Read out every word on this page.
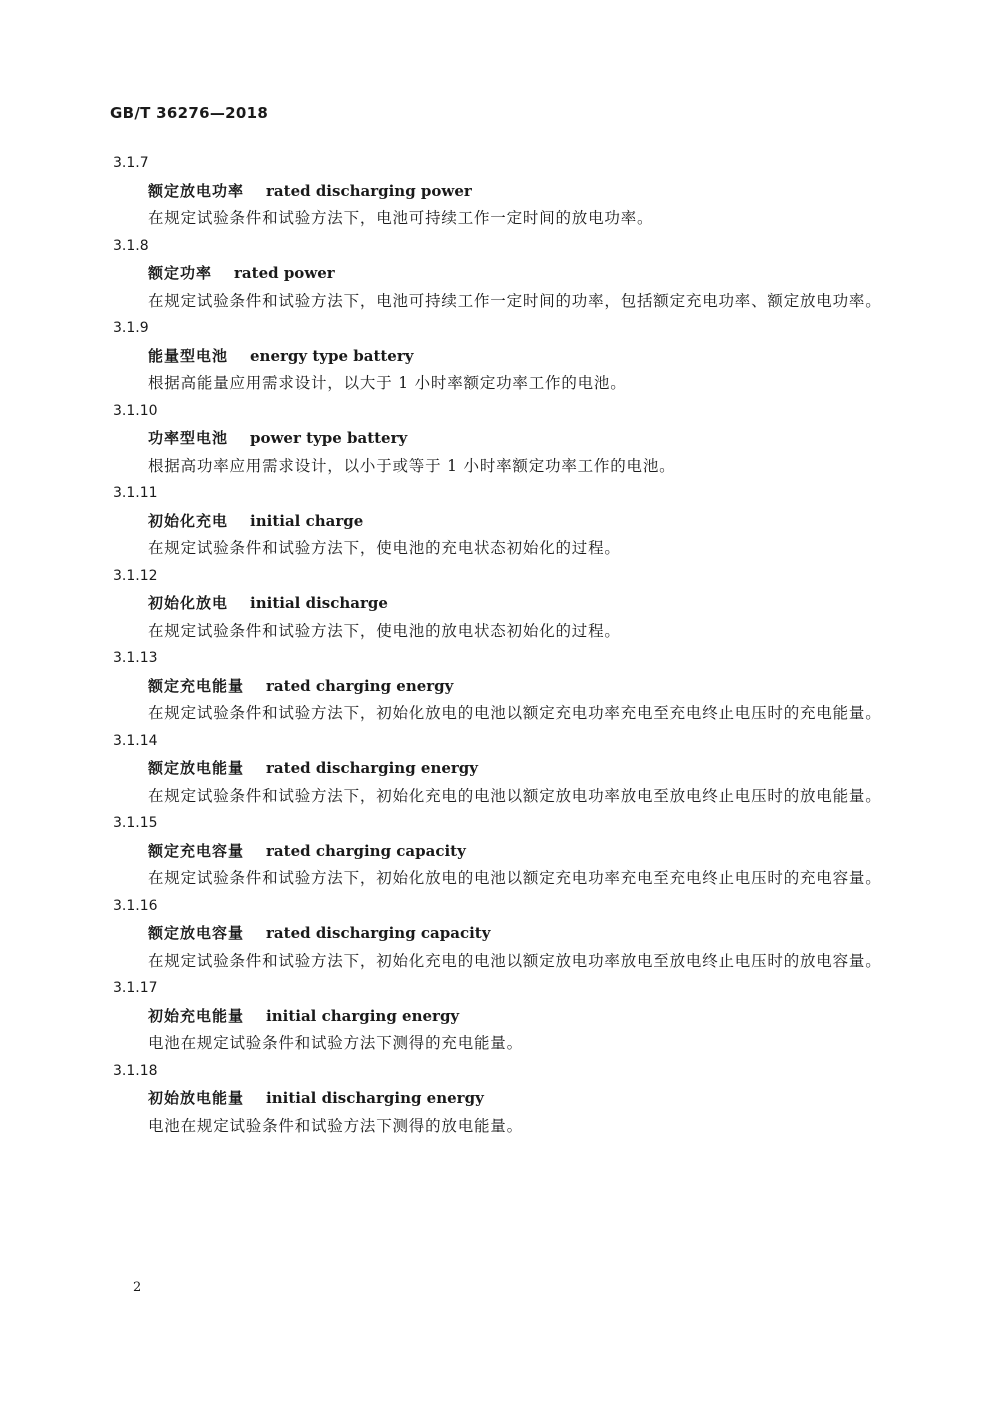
GB/T 36276—2018
3.1.7
额定放电功率 rated discharging power

在规定试验条件和试验方法下，电池可持续工作一定时间的放电功率。

3.1.8
额定功率 rated power

在规定试验条件和试验方法下，电池可持续工作一定时间的功率，包括额定充电功率、额定放电功率。

3.1.9
能量型电池 energy type battery

根据高能量应用需求设计，以大于 1 小时率额定功率工作的电池。

3.1.10
功率型电池 power type battery

根据高功率应用需求设计，以小于或等于 1 小时率额定功率工作的电池。

3.1.11
初始化充电 initial charge

在规定试验条件和试验方法下，使电池的充电状态初始化的过程。

3.1.12
初始化放电 initial discharge

在规定试验条件和试验方法下，使电池的放电状态初始化的过程。

3.1.13
额定充电能量 rated charging energy

在规定试验条件和试验方法下，初始化放电的电池以额定充电功率充电至充电终止电压时的充电能量。

3.1.14
额定放电能量 rated discharging energy

在规定试验条件和试验方法下，初始化充电的电池以额定放电功率放电至放电终止电压时的放电能量。

3.1.15
额定充电容量 rated charging capacity

在规定试验条件和试验方法下，初始化放电的电池以额定充电功率充电至充电终止电压时的充电容量。

3.1.16
额定放电容量 rated discharging capacity

在规定试验条件和试验方法下，初始化充电的电池以额定放电功率放电至放电终止电压时的放电容量。

3.1.17
初始充电能量 initial charging energy

电池在规定试验条件和试验方法下测得的充电能量。

3.1.18
初始放电能量 initial discharging energy

电池在规定试验条件和试验方法下测得的放电能量。

2
